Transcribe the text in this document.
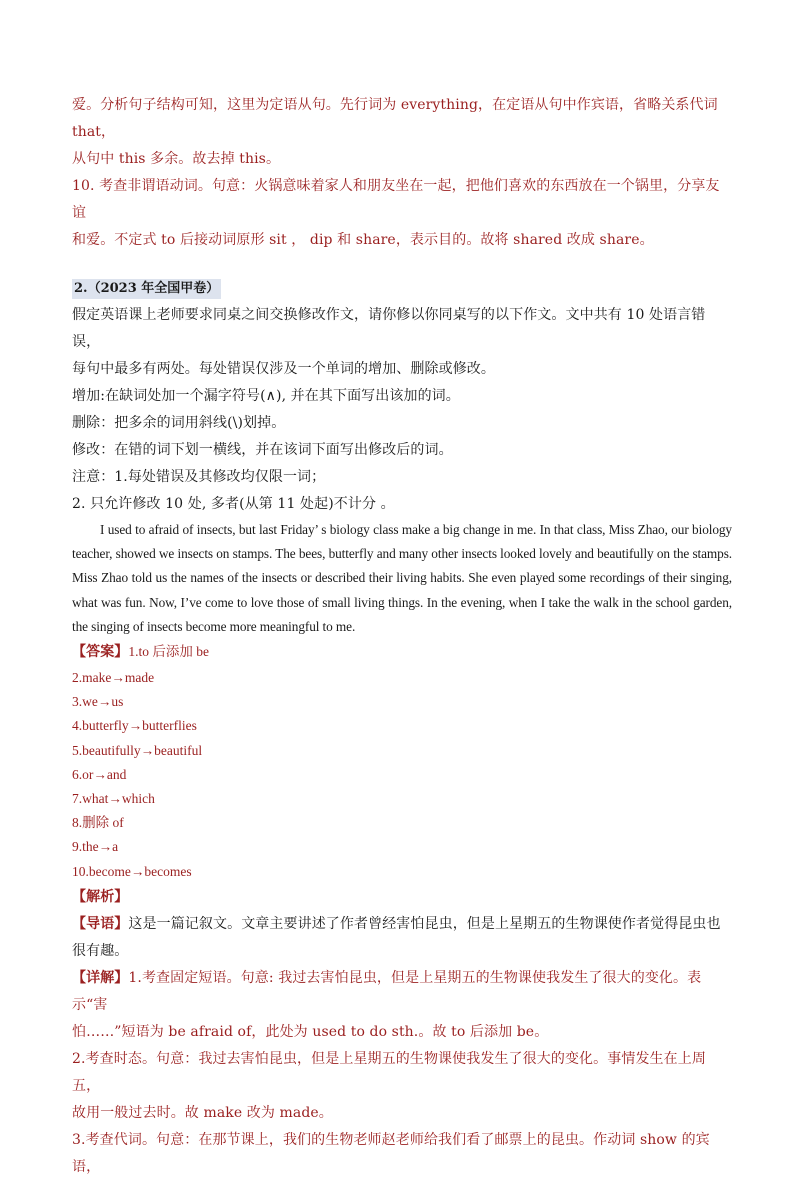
爱。分析句子结构可知，这里为定语从句。先行词为 everything，在定语从句中作宾语，省略关系代词 that，

从句中 this 多余。故去掉 this。

10. 考查非谓语动词。句意：火锅意味着家人和朋友坐在一起，把他们喜欢的东西放在一个锅里，分享友谊

和爱。不定式 to 后接动词原形 sit ， dip 和 share，表示目的。故将 shared 改成 share。

2.（2023 年全国甲卷）

假定英语课上老师要求同桌之间交换修改作文，请你修以你同桌写的以下作文。文中共有 10 处语言错误，

每句中最多有两处。每处错误仅涉及一个单词的增加、删除或修改。

增加:在缺词处加一个漏字符号(∧), 并在其下面写出该加的词。

删除：把多余的词用斜线(\)划掉。

修改：在错的词下划一横线，并在该词下面写出修改后的词。

注意：1.每处错误及其修改均仅限一词；

2. 只允许修改 10 处, 多者(从第 11 处起)不计分 。

I used to afraid of insects, but last Friday’ s biology class make a big change in me. In that class, Miss Zhao, our biology teacher, showed we insects on stamps. The bees, butterfly and many other insects looked lovely and beautifully on the stamps. Miss Zhao told us the names of the insects or described their living habits. She even played some recordings of their singing, what was fun. Now, I’ve come to love those of small living things. In the evening, when I take the walk in the school garden, the singing of insects become more meaningful to me.

【答案】1.to 后添加 be

2.make→made

3.we→us

4.butterfly→butterflies

5.beautifully→beautiful

6.or→and

7.what→which

8.删除 of

9.the→a

10.become→becomes

【解析】

【导语】这是一篇记叙文。文章主要讲述了作者曾经害怕昆虫，但是上星期五的生物课使作者觉得昆虫也

很有趣。

【详解】1.考查固定短语。句意: 我过去害怕昆虫，但是上星期五的生物课使我发生了很大的变化。表示“害

怕……”短语为 be afraid of，此处为 used to do sth.。故 to 后添加 be。

2.考查时态。句意：我过去害怕昆虫，但是上星期五的生物课使我发生了很大的变化。事情发生在上周五，

故用一般过去时。故 make 改为 made。

3.考查代词。句意：在那节课上，我们的生物老师赵老师给我们看了邮票上的昆虫。作动词 show 的宾语，
